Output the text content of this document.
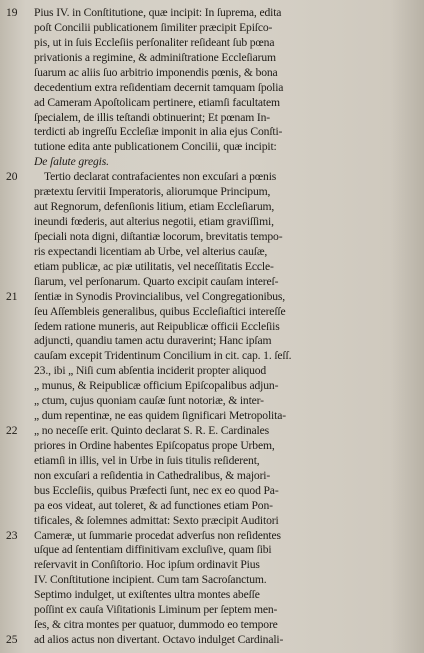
19	Pius IV. in Conſtitutione, quæ incipit: In ſuprema, edita
poſt Concilii publicationem ſimiliter præcipit Epiſco-
pis, ut in ſuis Eccleſiis perſonaliter reſideant ſub pœna
privationis a regimine, & adminiſtratione Eccleſiarum
ſuarum ac aliis ſuo arbitrio imponendis pœnis, & bona
decedentium extra reſidentiam decernit tamquam ſpolia
ad Cameram Apoſtolicam pertinere, etiamſi facultatem
ſpecialem, de illis teſtandi obtinuerint; Et pœnam In-
terdicti ab ingreſſu Eccleſiæ imponit in alia ejus Conſti-
tutione edita ante publicationem Concilii, quæ incipit:
De ſalute gregis.
20	Tertio declarat contrafacientes non excuſari a pœnis
prætextu ſervitii Imperatoris, aliorumque Principum,
aut Regnorum, defenſionis litium, etiam Eccleſiarum,
ineundi fœderis, aut alterius negotii, etiam graviſſimi,
ſpeciali nota digni, diſtantiæ locorum, brevitatis tempo-
ris expectandi licentiam ab Urbe, vel alterius cauſæ,
etiam publicæ, ac piæ utilitatis, vel neceſſitatis Eccle-
ſiarum, vel perſonarum. Quarto excipit cauſam intereſ-
21	ſentiæ in Synodis Provincialibus, vel Congregationibus,
ſeu Aſſembleis generalibus, quibus Eccleſiaſtici intereſſe
ſedem ratione muneris, aut Reipublicæ officii Eccleſiis
adjuncti, quandiu tamen actu duraverint; Hanc ipſam
cauſam excepit Tridentinum Concilium in cit. cap. 1. ſeſſ.
23., ibi „ Niſi cum abſentia inciderit propter aliquod
„ munus, & Reipublicæ officium Epiſcopalibus adjun-
„ ctum, cujus quoniam cauſæ ſunt notoriæ, & inter-
„ dum repentinæ, ne eas quidem ſignificari Metropolita-
22	„ no neceſſe erit. Quinto declarat S. R. E. Cardinales
priores in Ordine habentes Epiſcopatus prope Urbem,
etiamſi in illis, vel in Urbe in ſuis titulis reſiderent,
non excuſari a reſidentia in Cathedralibus, & majori-
bus Eccleſiis, quibus Præfecti ſunt, nec ex eo quod Pa-
pa eos videat, aut toleret, & ad functiones etiam Pon-
tificales, & ſolemnes admittat: Sexto præcipit Auditori
23	Cameræ, ut ſummarie procedat adverſus non reſidentes
uſque ad ſententiam diffinitivam excluſive, quam ſibi
reſervavit in Conſiſtorio. Hoc ipſum ordinavit Pius
IV. Conſtitutione incipient. Cum tam Sacroſanctum.
Septimo indulget, ut exiſtentes ultra montes abeſſe
poſſint ex cauſa Viſitationis Liminum per ſeptem men-
ſes, & citra montes per quatuor, dummodo eo tempore
25	ad alios actus non divertant. Octavo indulget Cardinali-
